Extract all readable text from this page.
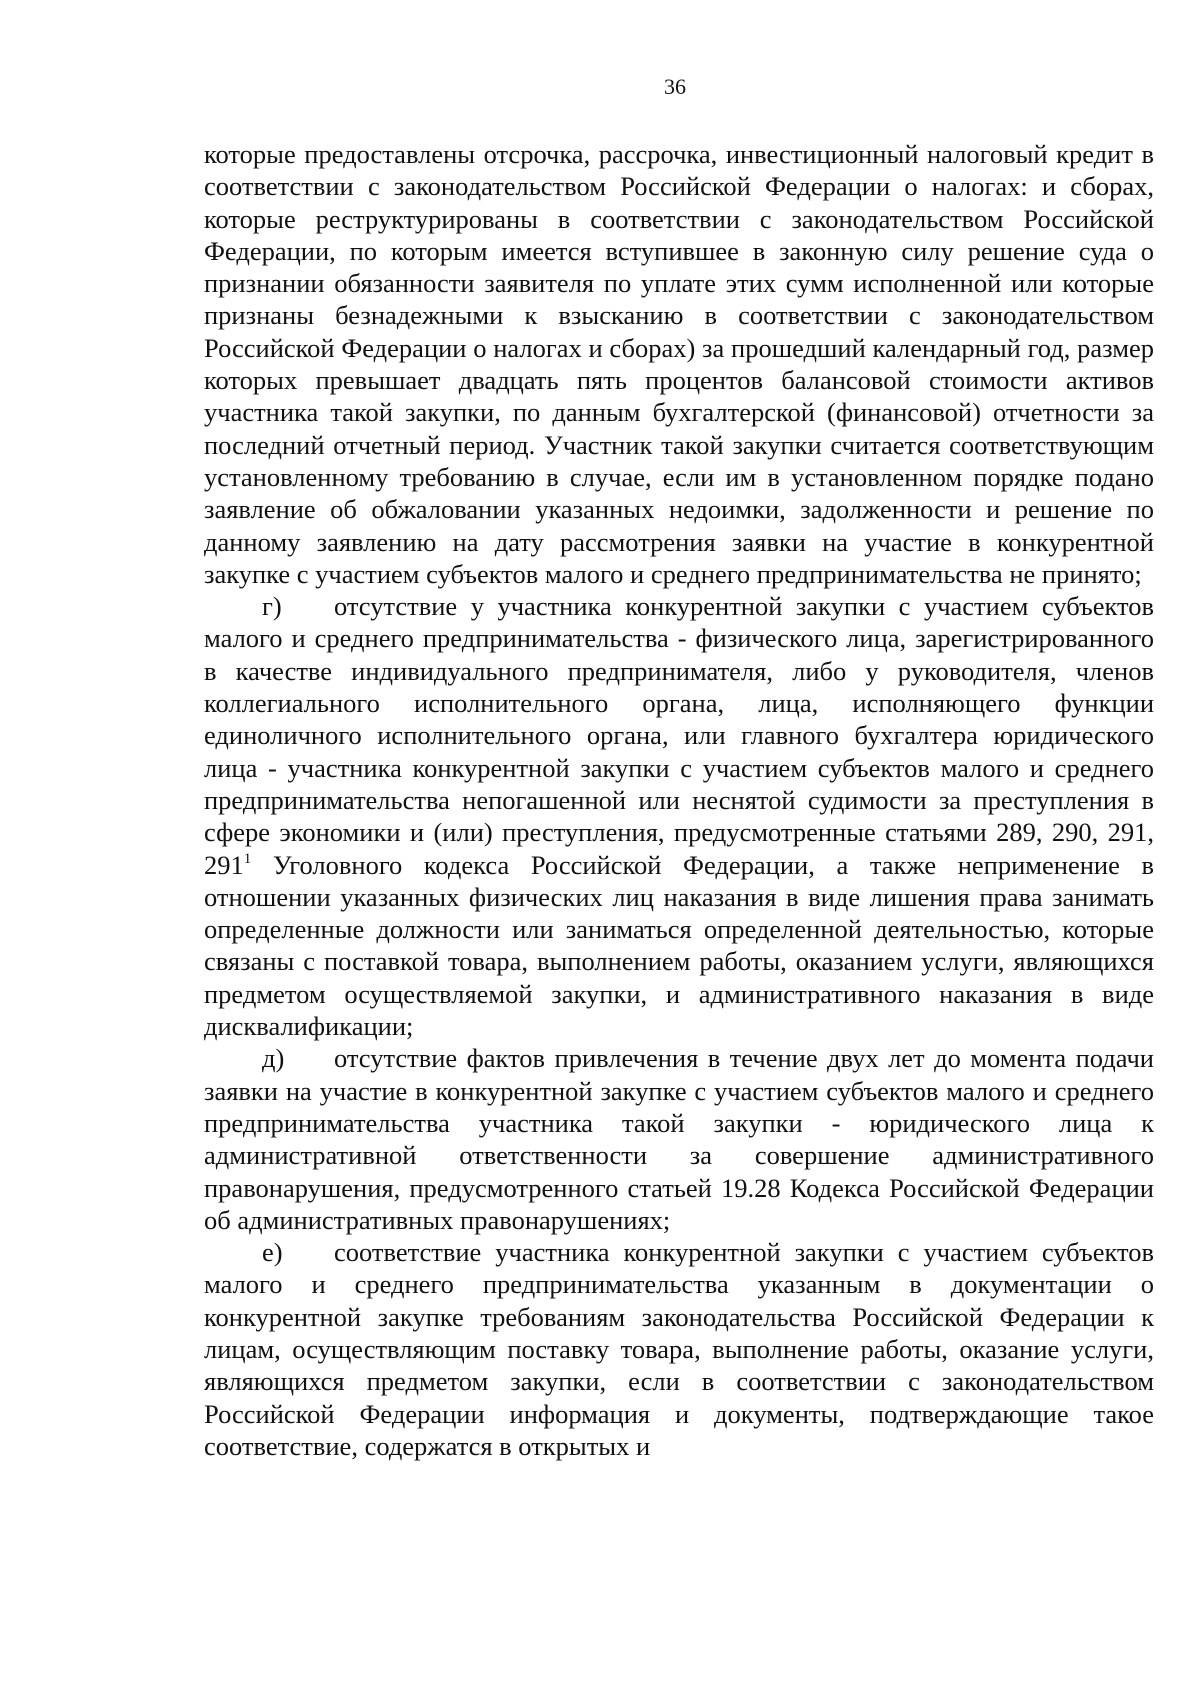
36

которые предоставлены отсрочка, рассрочка, инвестиционный налоговый кредит в соответствии с законодательством Российской Федерации о налогах: и сборах, которые реструктурированы в соответствии с законодательством Российской Федерации, по которым имеется вступившее в законную силу решение суда о признании обязанности заявителя по уплате этих сумм исполненной или которые признаны безнадежными к взысканию в соответствии с законодательством Российской Федерации о налогах и сборах) за прошедший календарный год, размер которых превышает двадцать пять процентов балансовой стоимости активов участника такой закупки, по данным бухгалтерской (финансовой) отчетности за последний отчетный период. Участник такой закупки считается соответствующим установленному требованию в случае, если им в установленном порядке подано заявление об обжаловании указанных недоимки, задолженности и решение по данному заявлению на дату рассмотрения заявки на участие в конкурентной закупке с участием субъектов малого и среднего предпринимательства не принято;

г) отсутствие у участника конкурентной закупки с участием субъектов малого и среднего предпринимательства - физического лица, зарегистрированного в качестве индивидуального предпринимателя, либо у руководителя, членов коллегиального исполнительного органа, лица, исполняющего функции единоличного исполнительного органа, или главного бухгалтера юридического лица - участника конкурентной закупки с участием субъектов малого и среднего предпринимательства непогашенной или неснятой судимости за преступления в сфере экономики и (или) преступления, предусмотренные статьями 289, 290, 291, $291^1$ Уголовного кодекса Российской Федерации, а также неприменение в отношении указанных физических лиц наказания в виде лишения права занимать определенные должности или заниматься определенной деятельностью, которые связаны с поставкой товара, выполнением работы, оказанием услуги, являющихся предметом осуществляемой закупки, и административного наказания в виде дисквалификации;

д) отсутствие фактов привлечения в течение двух лет до момента подачи заявки на участие в конкурентной закупке с участием субъектов малого и среднего предпринимательства участника такой закупки - юридического лица к административной ответственности за совершение административного правонарушения, предусмотренного статьей 19.28 Кодекса Российской Федерации об административных правонарушениях;

е) соответствие участника конкурентной закупки с участием субъектов малого и среднего предпринимательства указанным в документации о конкурентной закупке требованиям законодательства Российской Федерации к лицам, осуществляющим поставку товара, выполнение работы, оказание услуги, являющихся предметом закупки, если в соответствии с законодательством Российской Федерации информация и документы, подтверждающие такое соответствие, содержатся в открытых и
